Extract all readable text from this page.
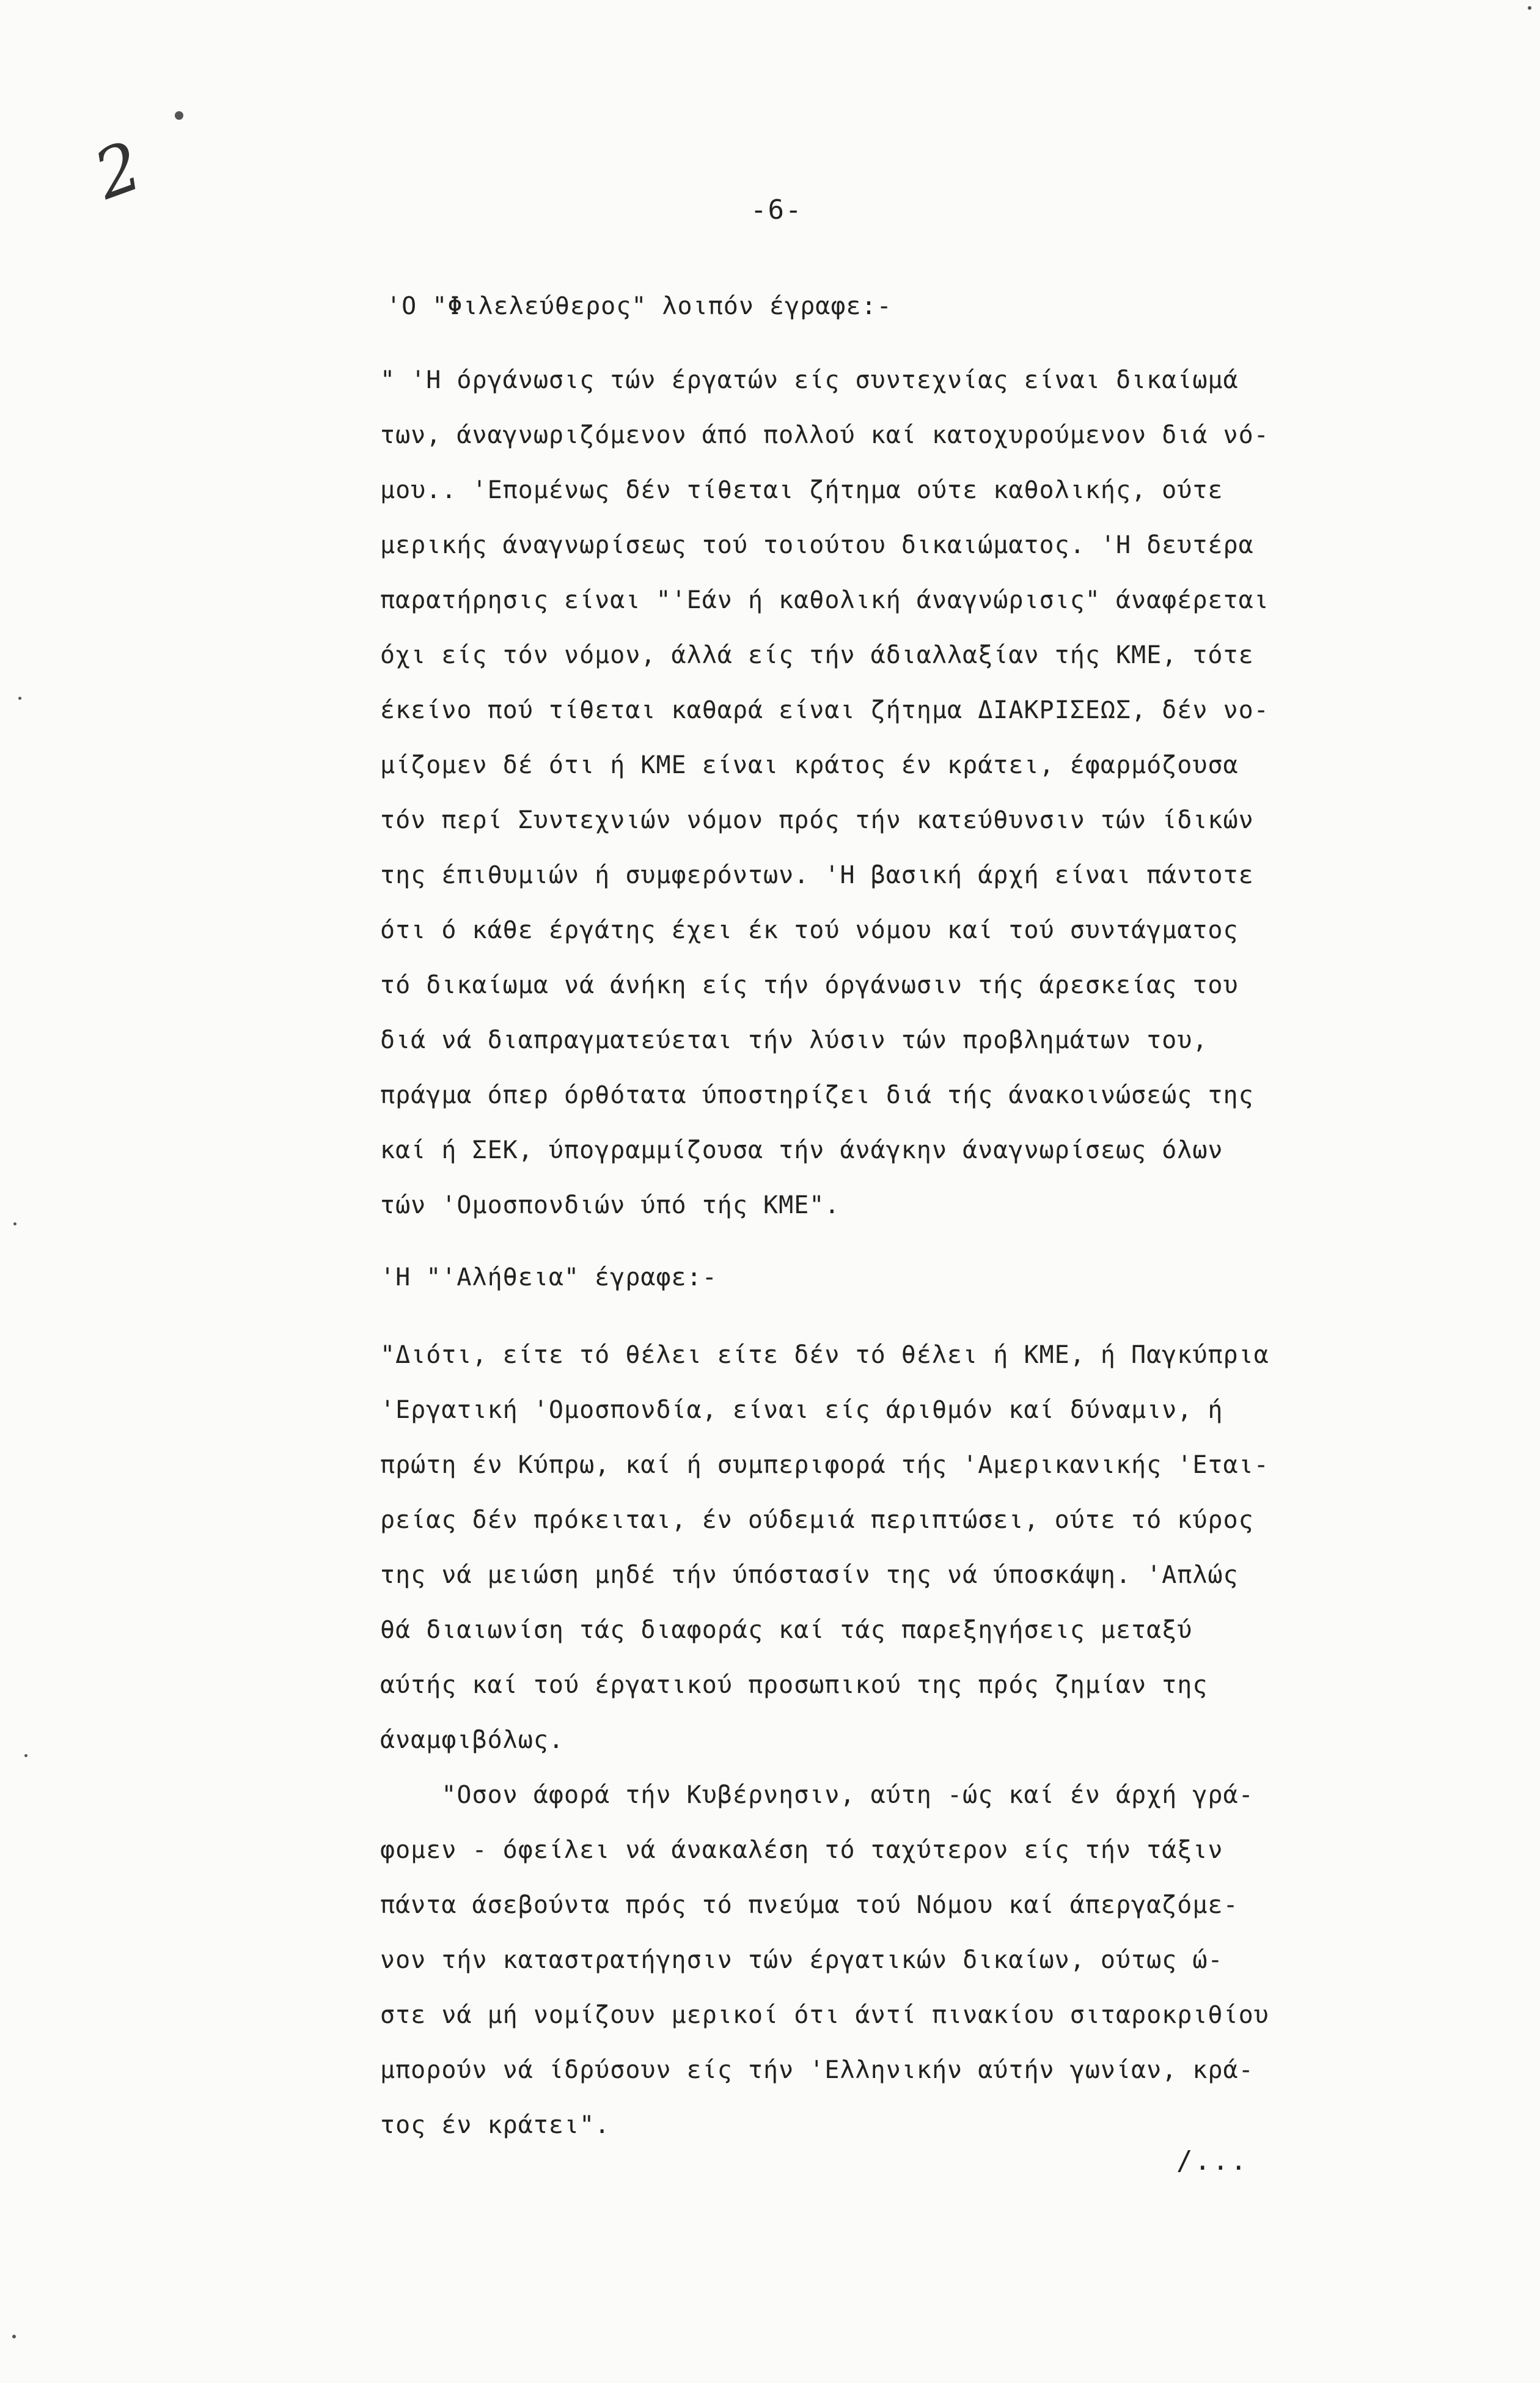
2	-6-
'Ο "Φιλελεύθερος" λοιπόν έγραφε:-
" 'Η όργάνωσις τών έργατών είς συντεχνίας είναι δικαίωμά
των, άναγνωριζόμενον άπό πολλού καί κατοχυρούμενον διά νό-
μου.. 'Επομένως δέν τίθεται ζήτημα ούτε καθολικής, ούτε
μερικής άναγνωρίσεως τού τοιούτου δικαιώματος. 'Η δευτέρα
παρατήρησις είναι "'Εάν ή καθολική άναγνώρισις" άναφέρεται
όχι είς τόν νόμον, άλλά είς τήν άδιαλλαξίαν τής ΚΜΕ, τότε
έκείνο πού τίθεται καθαρά είναι ζήτημα ΔΙΑΚΡΙΣΕΩΣ, δέν νο-
μίζομεν δέ ότι ή ΚΜΕ είναι κράτος έν κράτει, έφαρμόζουσα
τόν περί Συντεχνιών νόμον πρός τήν κατεύθυνσιν τών ίδικών
της έπιθυμιών ή συμφερόντων. 'Η βασική άρχή είναι πάντοτε
ότι ό κάθε έργάτης έχει έκ τού νόμου καί τού συντάγματος
τό δικαίωμα νά άνήκη είς τήν όργάνωσιν τής άρεσκείας του
διά νά διαπραγματεύεται τήν λύσιν τών προβλημάτων του,
πράγμα όπερ όρθότατα ύποστηρίζει διά τής άνακοινώσεώς της
καί ή ΣΕΚ, ύπογραμμίζουσα τήν άνάγκην άναγνωρίσεως όλων
τών 'Ομοσπονδιών ύπό τής ΚΜΕ".
'Η "'Αλήθεια" έγραφε:-
"Διότι, είτε τό θέλει είτε δέν τό θέλει ή ΚΜΕ, ή Παγκύπρια
'Εργατική 'Ομοσπονδία, είναι είς άριθμόν καί δύναμιν, ή
πρώτη έν Κύπρω, καί ή συμπεριφορά τής 'Αμερικανικής 'Εται-
ρείας δέν πρόκειται, έν ούδεμιά περιπτώσει, ούτε τό κύρος
της νά μειώση μηδέ τήν ύπόστασίν της νά ύποσκάψη. 'Απλώς
θά διαιωνίση τάς διαφοράς καί τάς παρεξηγήσεις μεταξύ
αύτής καί τού έργατικού προσωπικού της πρός ζημίαν της
άναμφιβόλως.
"Οσον άφορά τήν Κυβέρνησιν, αύτη -ώς καί έν άρχή γρά-
φομεν - όφείλει νά άνακαλέση τό ταχύτερον είς τήν τάξιν
πάντα άσεβούντα πρός τό πνεύμα τού Νόμου καί άπεργαζόμε-
νον τήν καταστρατήγησιν τών έργατικών δικαίων, ούτως ώ-
στε νά μή νομίζουν μερικοί ότι άντί πινακίου σιταροκριθίου
μπορούν νά ίδρύσουν είς τήν 'Ελληνικήν αύτήν γωνίαν, κρά-
τος έν κράτει".
/...
